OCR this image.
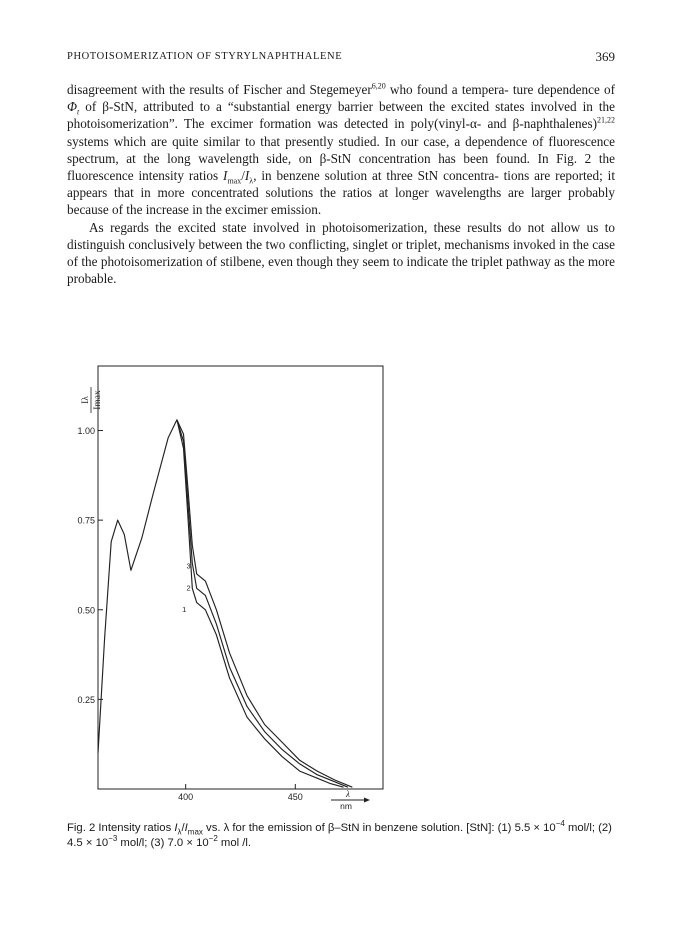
PHOTOISOMERIZATION OF STYRYLNAPHTHALENE	369

disagreement with the results of Fischer and Stegemeyer$^{6,20}$ who found a tempera- ture dependence of $\Phi_t$ of β-StN, attributed to a “substantial energy barrier between the excited states involved in the photoisomerization”. The excimer formation was detected in poly(vinyl-α- and β-naphthalenes)$^{21,22}$ systems which are quite similar to that presently studied. In our case, a dependence of fluorescence spectrum, at the long wavelength side, on β-StN concentration has been found. In Fig. 2 the fluorescence intensity ratios $I_{max}/I_\lambda$, in benzene solution at three StN concentra- tions are reported; it appears that in more concentrated solutions the ratios at longer wavelengths are larger probably because of the increase in the excimer emission.

As regards the excited state involved in photoisomerization, these results do not allow us to distinguish conclusively between the two conflicting, singlet or triplet, mechanisms invoked in the case of the photoisomerization of stilbene, even though they seem to indicate the triplet pathway as the more probable.

0.25
0.50
0.75
1.00
400	450
Iλ Imax
λ
nm
1
2
3
Fig. 2 Intensity ratios $I_\lambda/I_{max}$ vs. λ for the emission of β–StN in benzene solution. [StN]: (1) $5.5 \times 10^{-4}$ mol/l; (2) $4.5 \times 10^{-3}$ mol/l; (3) $7.0 \times 10^{-2}$ mol /l.
